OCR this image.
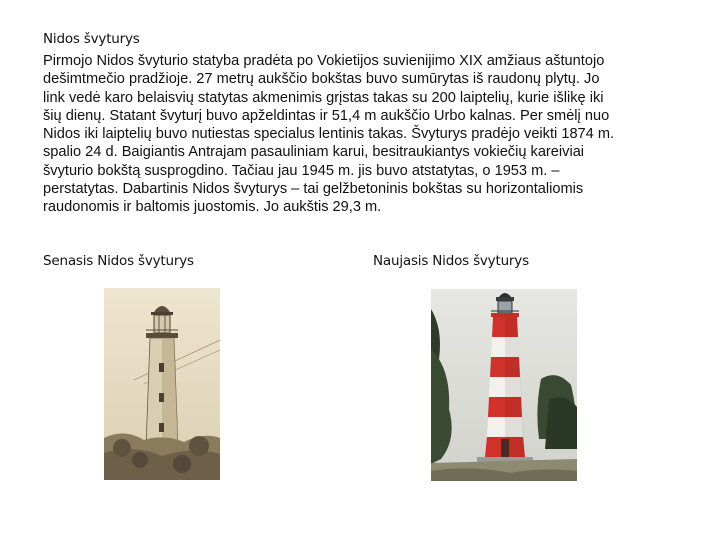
Nidos švyturys

Pirmojo Nidos švyturio statyba pradėta po Vokietijos suvienijimo XIX amžiaus aštuntojo
dešimtmečio pradžioje. 27 metrų aukščio bokštas buvo sumūrytas iš raudonų plytų. Jo
link vedė karo belaisvių statytas akmenimis grįstas takas su 200 laiptelių, kurie išlikę iki
šių dienų. Statant švyturį buvo apželdintas ir 51,4 m aukščio Urbo kalnas. Per smėlį nuo
Nidos iki laiptelių buvo nutiestas specialus lentinis takas. Švyturys pradėjo veikti 1874 m.
spalio 24 d. Baigiantis Antrajam pasauliniam karui, besitraukiantys vokiečių kareiviai
švyturio bokštą susprogdino. Tačiau jau 1945 m. jis buvo atstatytas, o 1953 m. –
perstatytas. Dabartinis Nidos švyturys – tai gelžbetoninis bokštas su horizontaliomis
raudonomis ir baltomis juostomis. Jo aukštis 29,3 m.

Senasis Nidos švyturys	Naujasis Nidos švyturys
